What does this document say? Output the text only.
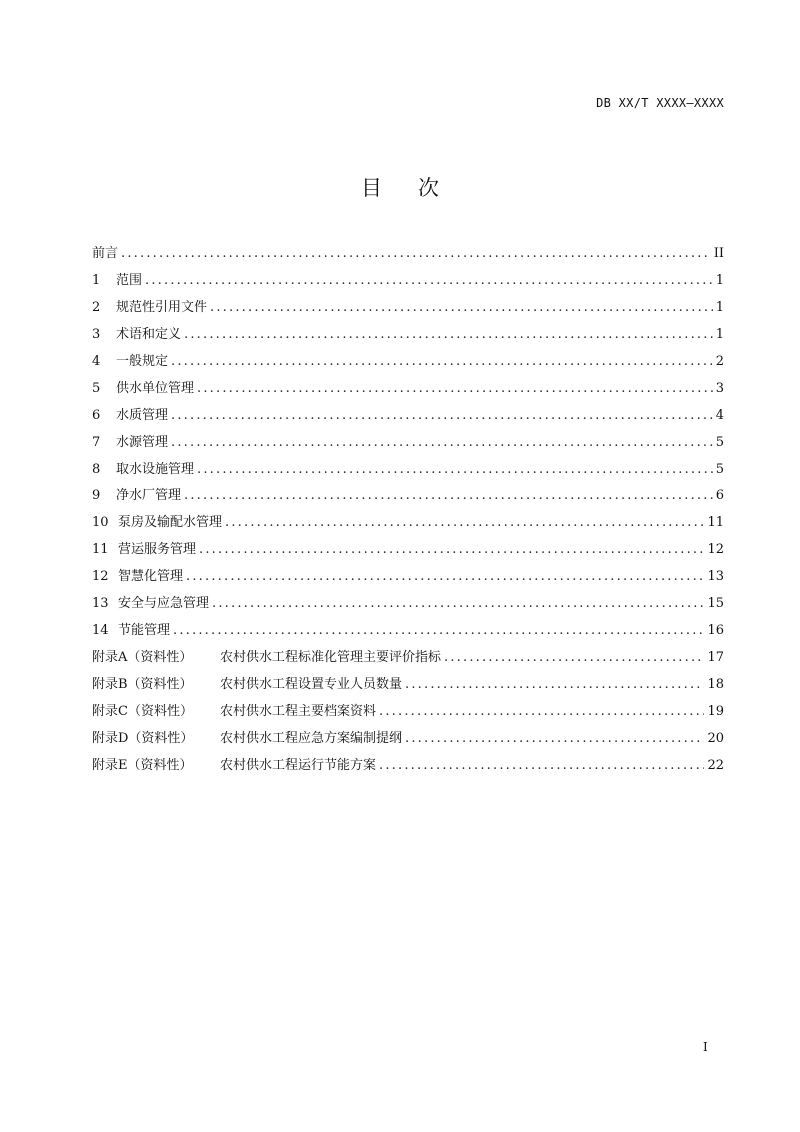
DB XX/T XXXX—XXXX
目 次
前言 .....	II
1	范围 .....	1
2	规范性引用文件 .....	1
3	术语和定义 .....	1
4	一般规定 .....	2
5	供水单位管理 .....	3
6	水质管理 .....	4
7	水源管理 .....	5
8	取水设施管理 .....	5
9	净水厂管理 .....	6
10 泵房及输配水管理 .....	11
11 营运服务管理 .....	12
12 智慧化管理 .....	13
13 安全与应急管理 .....	15
14 节能管理 .....	16
附录A（资料性）	农村供水工程标准化管理主要评价指标 .....	17
附录B（资料性）	农村供水工程设置专业人员数量 .....	18
附录C（资料性）	农村供水工程主要档案资料 .....	19
附录D（资料性）	农村供水工程应急方案编制提纲 .....	20
附录E（资料性）	农村供水工程运行节能方案 .....	22
I
